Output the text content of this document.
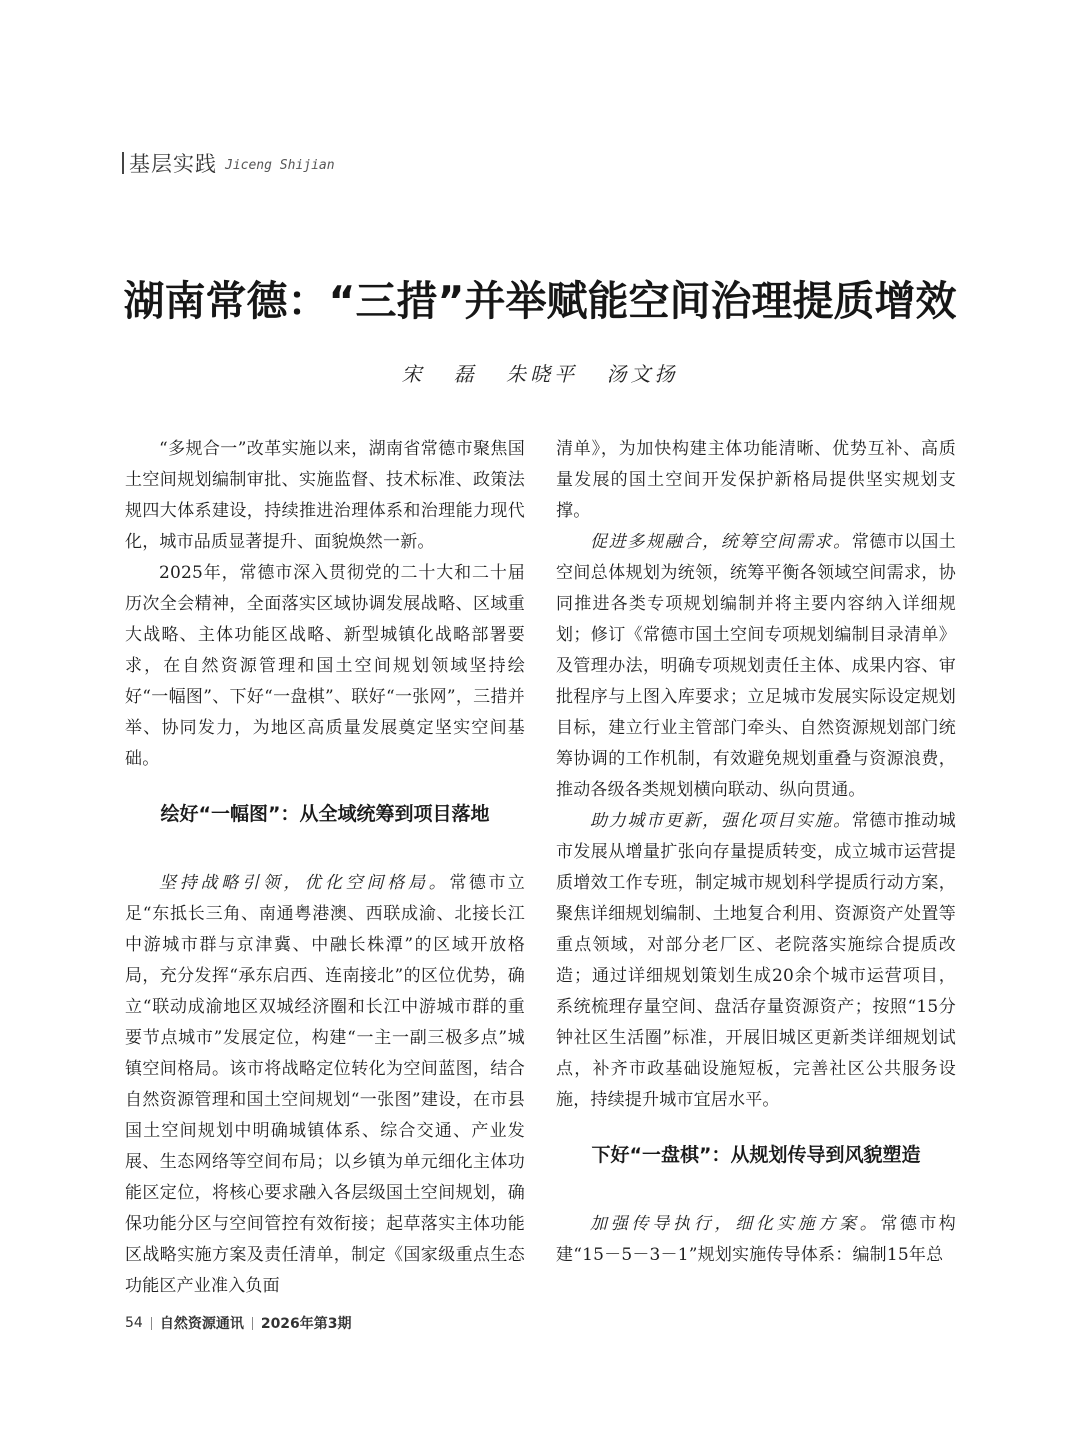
基层实践 Jiceng Shijian
湖南常德：“三措”并举赋能空间治理提质增效
宋 磊 朱晓平 汤文扬

“多规合一”改革实施以来，湖南省常德市聚焦国土空间规划编制审批、实施监督、技术标准、政策法规四大体系建设，持续推进治理体系和治理能力现代化，城市品质显著提升、面貌焕然一新。

2025年，常德市深入贯彻党的二十大和二十届历次全会精神，全面落实区域协调发展战略、区域重大战略、主体功能区战略、新型城镇化战略部署要求，在自然资源管理和国土空间规划领域坚持绘好“一幅图”、下好“一盘棋”、联好“一张网”，三措并举、协同发力，为地区高质量发展奠定坚实空间基础。

绘好“一幅图”：从全域统筹到项目落地

坚持战略引领，优化空间格局。常德市立足“东抵长三角、南通粤港澳、西联成渝、北接长江中游城市群与京津冀、中融长株潭”的区域开放格局，充分发挥“承东启西、连南接北”的区位优势，确立“联动成渝地区双城经济圈和长江中游城市群的重要节点城市”发展定位，构建“一主一副三极多点”城镇空间格局。该市将战略定位转化为空间蓝图，结合自然资源管理和国土空间规划“一张图”建设，在市县国土空间规划中明确城镇体系、综合交通、产业发展、生态网络等空间布局；以乡镇为单元细化主体功能区定位，将核心要求融入各层级国土空间规划，确保功能分区与空间管控有效衔接；起草落实主体功能区战略实施方案及责任清单，制定《国家级重点生态功能区产业准入负面

清单》，为加快构建主体功能清晰、优势互补、高质量发展的国土空间开发保护新格局提供坚实规划支撑。

促进多规融合，统筹空间需求。常德市以国土空间总体规划为统领，统筹平衡各领域空间需求，协同推进各类专项规划编制并将主要内容纳入详细规划；修订《常德市国土空间专项规划编制目录清单》及管理办法，明确专项规划责任主体、成果内容、审批程序与上图入库要求；立足城市发展实际设定规划目标，建立行业主管部门牵头、自然资源规划部门统筹协调的工作机制，有效避免规划重叠与资源浪费，推动各级各类规划横向联动、纵向贯通。

助力城市更新，强化项目实施。常德市推动城市发展从增量扩张向存量提质转变，成立城市运营提质增效工作专班，制定城市规划科学提质行动方案，聚焦详细规划编制、土地复合利用、资源资产处置等重点领域，对部分老厂区、老院落实施综合提质改造；通过详细规划策划生成20余个城市运营项目，系统梳理存量空间、盘活存量资源资产；按照“15分钟社区生活圈”标准，开展旧城区更新类详细规划试点，补齐市政基础设施短板，完善社区公共服务设施，持续提升城市宜居水平。

下好“一盘棋”：从规划传导到风貌塑造

加强传导执行，细化实施方案。常德市构建“15－5－3－1”规划实施传导体系：编制15年总

54 自然资源通讯 2026年第3期
